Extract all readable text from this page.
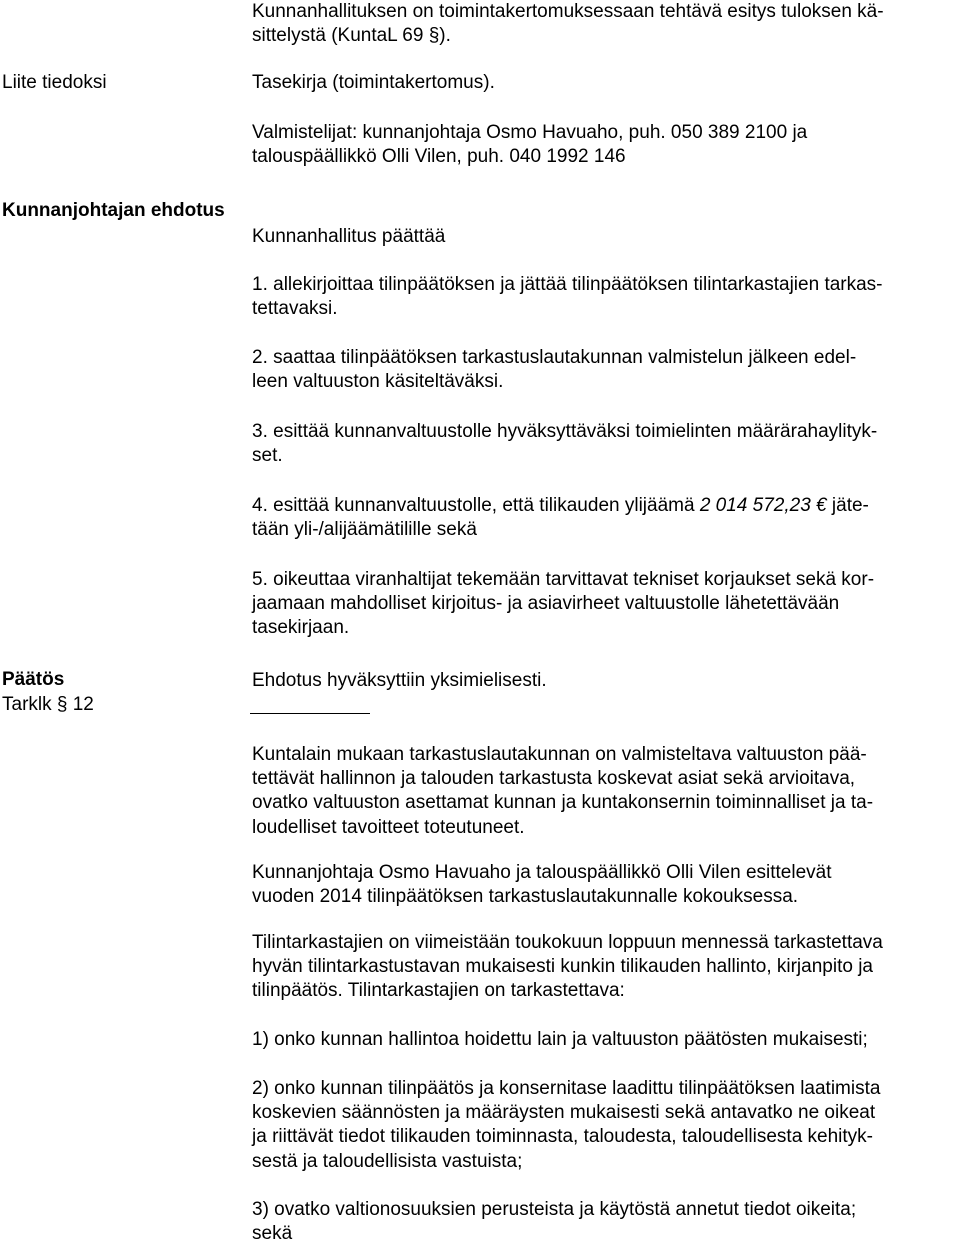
Kunnanhallituksen on toimintakertomuksessaan tehtävä esitys tuloksen kä-
sittelystä (KuntaL 69 §).
Liite tiedoksi	Tasekirja (toimintakertomus).
Valmistelijat: kunnanjohtaja Osmo Havuaho, puh. 050 389 2100 ja
talouspäällikkö Olli Vilen, puh. 040 1992 146
Kunnanjohtajan ehdotus
Kunnanhallitus päättää
1. allekirjoittaa tilinpäätöksen ja jättää tilinpäätöksen tilintarkastajien tarkas-
tettavaksi.
2. saattaa tilinpäätöksen tarkastuslautakunnan valmistelun jälkeen edel-
leen valtuuston käsiteltäväksi.
3. esittää kunnanvaltuustolle hyväksyttäväksi toimielinten määrärahaylityk-
set.
4. esittää kunnanvaltuustolle, että tilikauden ylijäämä 2 014 572,23 € jäte-
tään yli-/alijäämätilille sekä
5. oikeuttaa viranhaltijat tekemään tarvittavat tekniset korjaukset sekä kor-
jaamaan mahdolliset kirjoitus- ja asiavirheet valtuustolle lähetettävään
tasekirjaan.
Päätös
Tarklk § 12
Ehdotus hyväksyttiin yksimielisesti.
Kuntalain mukaan tarkastuslautakunnan on valmisteltava valtuuston pää-
tettävät hallinnon ja talouden tarkastusta koskevat asiat sekä arvioitava,
ovatko valtuuston asettamat kunnan ja kuntakonsernin toiminnalliset ja ta-
loudelliset tavoitteet toteutuneet.
Kunnanjohtaja Osmo Havuaho ja talouspäällikkö Olli Vilen esittelevät
vuoden 2014 tilinpäätöksen tarkastuslautakunnalle kokouksessa.
Tilintarkastajien on viimeistään toukokuun loppuun mennessä tarkastettava
hyvän tilintarkastustavan mukaisesti kunkin tilikauden hallinto, kirjanpito ja
tilinpäätös. Tilintarkastajien on tarkastettava:
1) onko kunnan hallintoa hoidettu lain ja valtuuston päätösten mukaisesti;
2) onko kunnan tilinpäätös ja konsernitase laadittu tilinpäätöksen laatimista
koskevien säännösten ja määräysten mukaisesti sekä antavatko ne oikeat
ja riittävät tiedot tilikauden toiminnasta, taloudesta, taloudellisesta kehityk-
sestä ja taloudellisista vastuista;
3) ovatko valtionosuuksien perusteista ja käytöstä annetut tiedot oikeita;
sekä
